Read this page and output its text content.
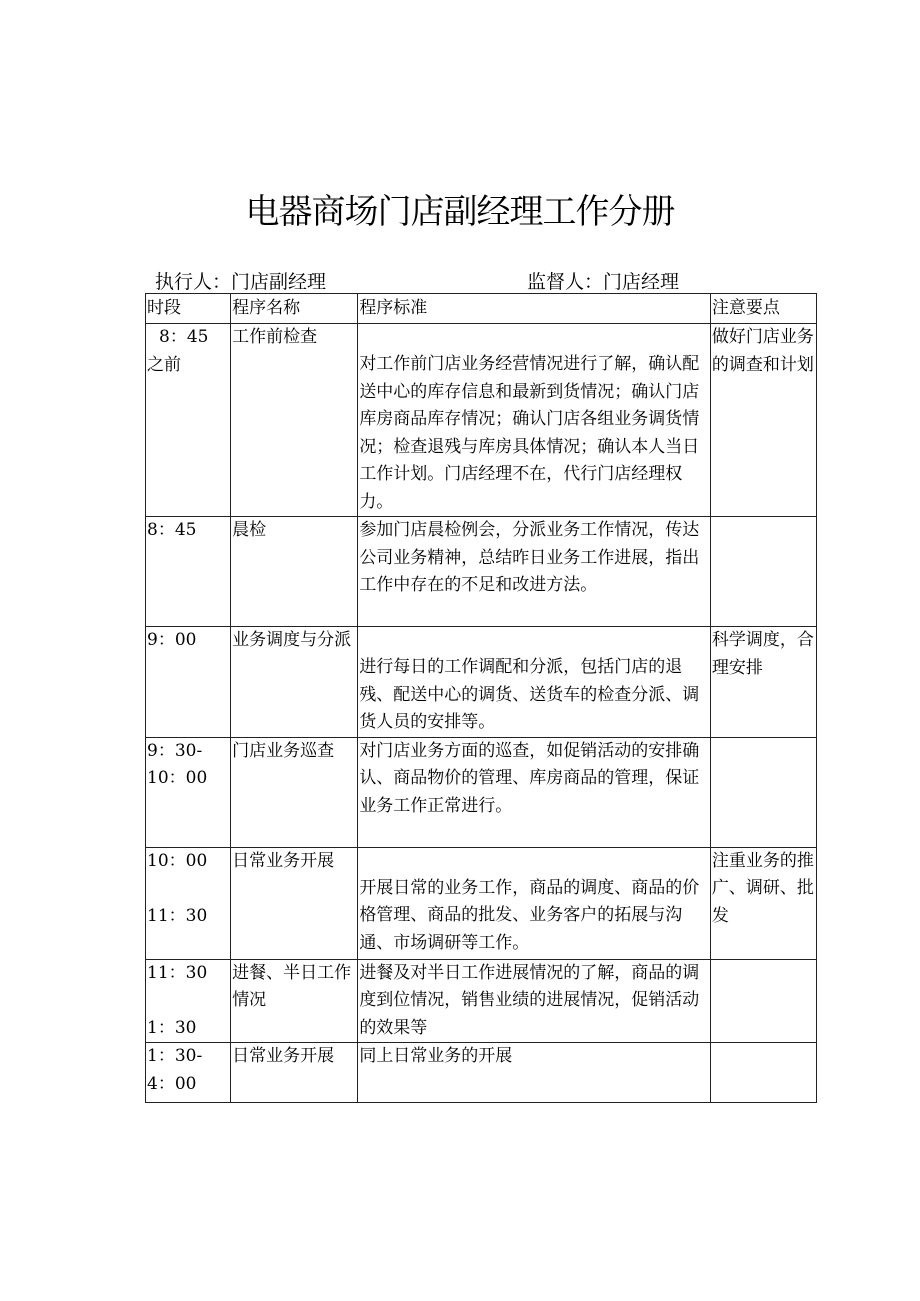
电器商场门店副经理工作分册
执行人 ： 门店副经理	监督人 ： 门店经理
时段	程序名称	程序标准	注意要点

8：45
之前	工作前检查	对工作前门店业务经营情况进行了解，确认配送中心的库存信息和最新到货情况；确认门店库房商品库存情况；确认门店各组业务调货情况；检查退残与库房具体情况；确认本人当日工作计划。门店经理不在，代行门店经理权力。	做好门店业务的调查和计划

8：45	晨检	参加门店晨检例会，分派业务工作情况，传达公司业务精神，总结昨日业务工作进展，指出工作中存在的不足和改进方法。	

9：00	业务调度与分派	进行每日的工作调配和分派，包括门店的退残、配送中心的调货、送货车的检查分派、调货人员的安排等。	科学调度，合理安排

9：30-
10：00	门店业务巡查	对门店业务方面的巡查，如促销活动的安排确认、商品物价的管理、库房商品的管理，保证业务工作正常进行。	

10：00

11：30	日常业务开展	开展日常的业务工作，商品的调度、商品的价格管理、商品的批发、业务客户的拓展与沟通、市场调研等工作。	注重业务的推广、调研、批发

11：30

1：30	进餐、半日工作情况	进餐及对半日工作进展情况的了解，商品的调度到位情况，销售业绩的进展情况，促销活动的效果等	

1：30-
4：00	日常业务开展	同上日常业务的开展	
